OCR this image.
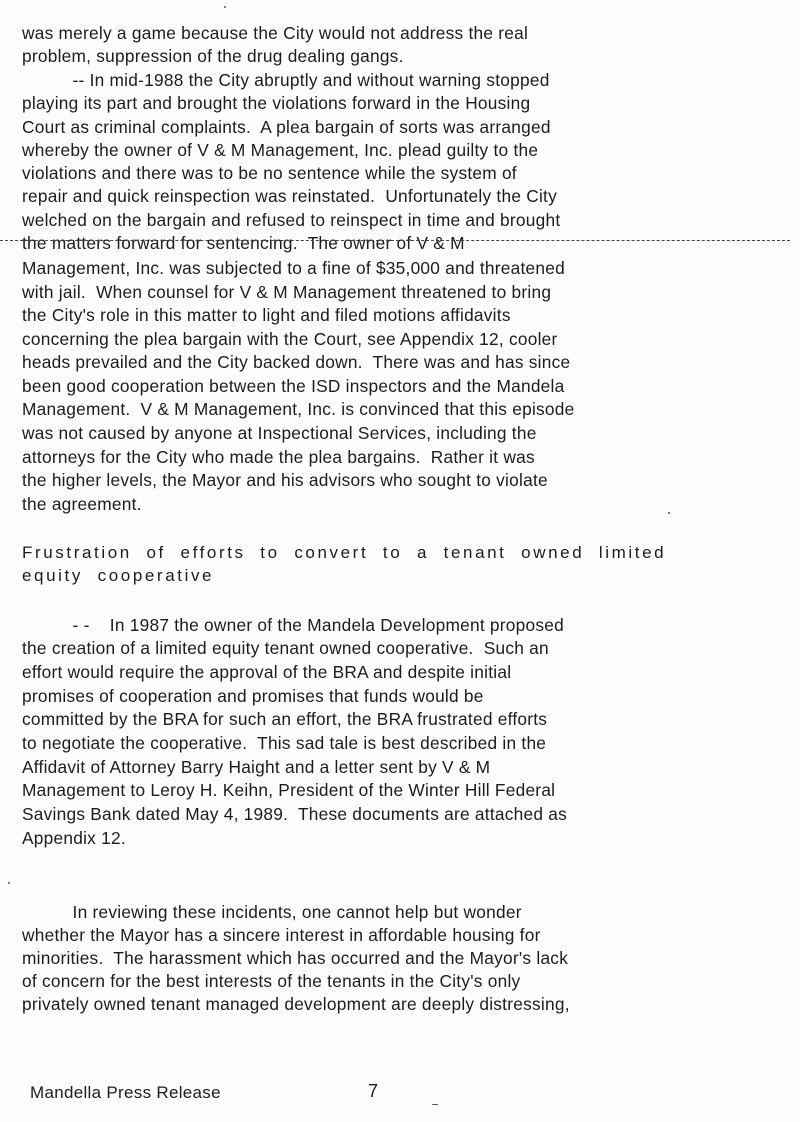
was merely a game because the City would not address the real
problem, suppression of the drug dealing gangs.
-- In mid-1988 the City abruptly and without warning stopped
playing its part and brought the violations forward in the Housing
Court as criminal complaints.  A plea bargain of sorts was arranged
whereby the owner of V & M Management, Inc. plead guilty to the
violations and there was to be no sentence while the system of
repair and quick reinspection was reinstated.  Unfortunately the City
welched on the bargain and refused to reinspect in time and brought
the matters forward for sentencing.  The owner of V & M
Management, Inc. was subjected to a fine of $35,000 and threatened
with jail.  When counsel for V & M Management threatened to bring
the City's role in this matter to light and filed motions affidavits
concerning the plea bargain with the Court, see Appendix 12, cooler
heads prevailed and the City backed down.  There was and has since
been good cooperation between the ISD inspectors and the Mandela
Management.  V & M Management, Inc. is convinced that this episode
was not caused by anyone at Inspectional Services, including the
attorneys for the City who made the plea bargains.  Rather it was
the higher levels, the Mayor and his advisors who sought to violate
the agreement.
Frustration  of  efforts  to  convert  to  a  tenant  owned  limited
equity  cooperative
- -    In 1987 the owner of the Mandela Development proposed
the creation of a limited equity tenant owned cooperative.  Such an
effort would require the approval of the BRA and despite initial
promises of cooperation and promises that funds would be
committed by the BRA for such an effort, the BRA frustrated efforts
to negotiate the cooperative.  This sad tale is best described in the
Affidavit of Attorney Barry Haight and a letter sent by V & M
Management to Leroy H. Keihn, President of the Winter Hill Federal
Savings Bank dated May 4, 1989.  These documents are attached as
Appendix 12.
In reviewing these incidents, one cannot help but wonder
whether the Mayor has a sincere interest in affordable housing for
minorities.  The harassment which has occurred and the Mayor's lack
of concern for the best interests of the tenants in the City's only
privately owned tenant managed development are deeply distressing,
Mandella Press Release	7
